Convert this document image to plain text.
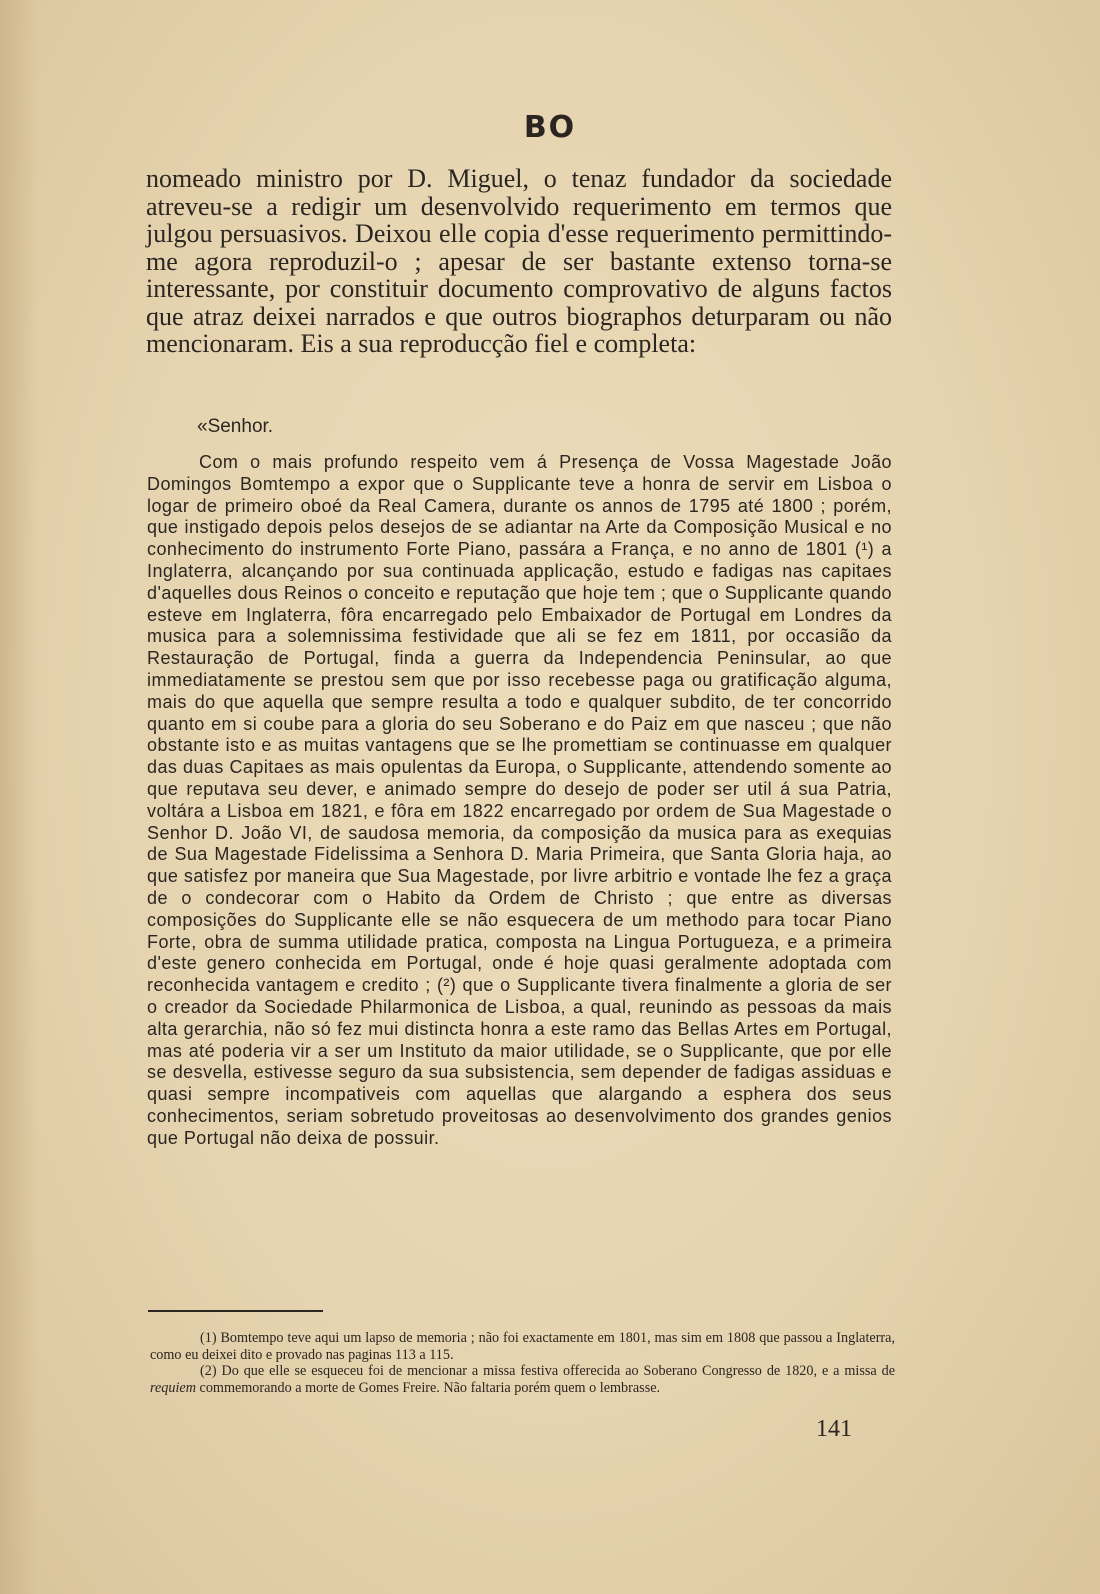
BO

nomeado ministro por D. Miguel, o tenaz fundador da sociedade atreveu-se a redigir um desenvolvido requerimento em termos que julgou persuasivos. Deixou elle copia d'esse requerimento permittindo-me agora reproduzil-o ; apesar de ser bastante extenso torna-se interessante, por constituir documento comprovativo de alguns factos que atraz deixei narrados e que outros biographos deturparam ou não mencionaram. Eis a sua reproducção fiel e completa:

«Senhor.

Com o mais profundo respeito vem á Presença de Vossa Magestade João Domingos Bomtempo a expor que o Supplicante teve a honra de servir em Lisboa o logar de primeiro oboé da Real Camera, durante os annos de 1795 até 1800 ; porém, que instigado depois pelos desejos de se adiantar na Arte da Composição Musical e no conhecimento do instrumento Forte Piano, passára a França, e no anno de 1801 (¹) a Inglaterra, alcançando por sua continuada applicação, estudo e fadigas nas capitaes d'aquelles dous Reinos o conceito e reputação que hoje tem ; que o Supplicante quando esteve em Inglaterra, fôra encarregado pelo Embaixador de Portugal em Londres da musica para a solemnissima festividade que ali se fez em 1811, por occasião da Restauração de Portugal, finda a guerra da Independencia Peninsular, ao que immediatamente se prestou sem que por isso recebesse paga ou gratificação alguma, mais do que aquella que sempre resulta a todo e qualquer subdito, de ter concorrido quanto em si coube para a gloria do seu Soberano e do Paiz em que nasceu ; que não obstante isto e as muitas vantagens que se lhe promettiam se continuasse em qualquer das duas Capitaes as mais opulentas da Europa, o Supplicante, attendendo somente ao que reputava seu dever, e animado sempre do desejo de poder ser util á sua Patria, voltára a Lisboa em 1821, e fôra em 1822 encarregado por ordem de Sua Magestade o Senhor D. João VI, de saudosa memoria, da composição da musica para as exequias de Sua Magestade Fidelissima a Senhora D. Maria Primeira, que Santa Gloria haja, ao que satisfez por maneira que Sua Magestade, por livre arbitrio e vontade lhe fez a graça de o condecorar com o Habito da Ordem de Christo ; que entre as diversas composições do Supplicante elle se não esquecera de um methodo para tocar Piano Forte, obra de summa utilidade pratica, composta na Lingua Portugueza, e a primeira d'este genero conhecida em Portugal, onde é hoje quasi geralmente adoptada com reconhecida vantagem e credito ; (²) que o Supplicante tivera finalmente a gloria de ser o creador da Sociedade Philarmonica de Lisboa, a qual, reunindo as pessoas da mais alta gerarchia, não só fez mui distincta honra a este ramo das Bellas Artes em Portugal, mas até poderia vir a ser um Instituto da maior utilidade, se o Supplicante, que por elle se desvella, estivesse seguro da sua subsistencia, sem depender de fadigas assiduas e quasi sempre incompativeis com aquellas que alargando a esphera dos seus conhecimentos, seriam sobretudo proveitosas ao desenvolvimento dos grandes genios que Portugal não deixa de possuir.

(1) Bomtempo teve aqui um lapso de memoria ; não foi exactamente em 1801, mas sim em 1808 que passou a Inglaterra, como eu deixei dito e provado nas paginas 113 a 115.

(2) Do que elle se esqueceu foi de mencionar a missa festiva offerecida ao Soberano Congresso de 1820, e a missa de requiem commemorando a morte de Gomes Freire. Não faltaria porém quem o lembrasse.

141
